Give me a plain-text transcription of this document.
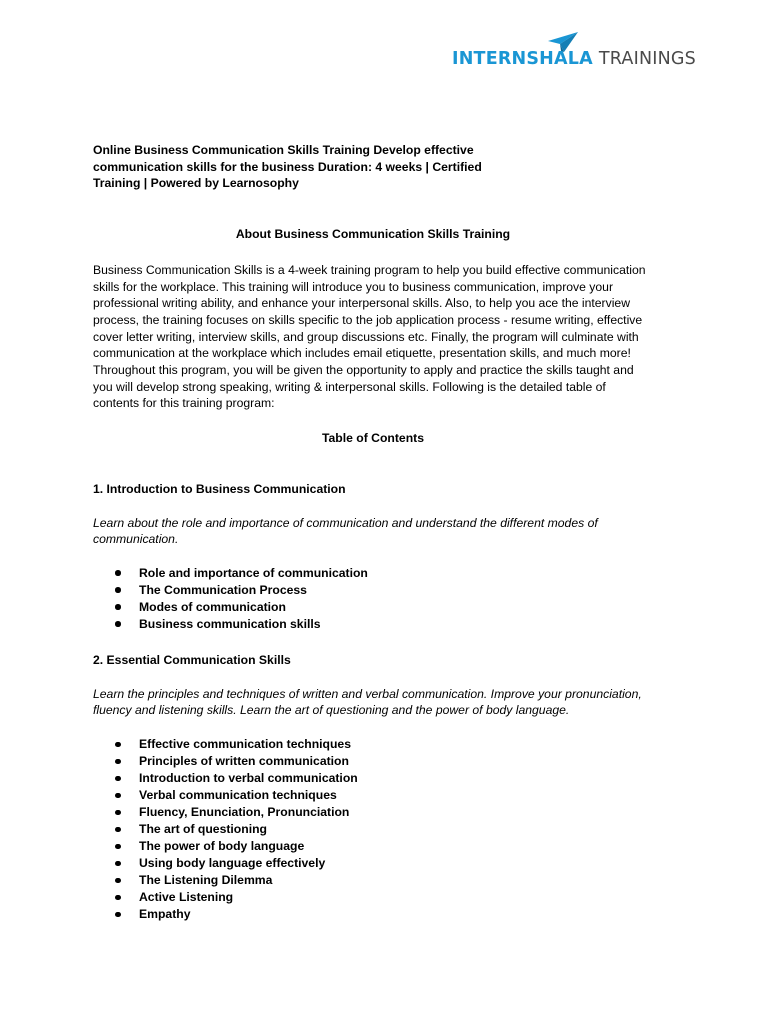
INTERNSHALA TRAININGS

Online Business Communication Skills Training Develop effective communication skills for the business Duration: 4 weeks | Certified Training | Powered by Learnosophy

About Business Communication Skills Training

Business Communication Skills is a 4-week training program to help you build effective communication skills for the workplace. This training will introduce you to business communication, improve your professional writing ability, and enhance your interpersonal skills. Also, to help you ace the interview process, the training focuses on skills specific to the job application process - resume writing, effective cover letter writing, interview skills, and group discussions etc. Finally, the program will culminate with communication at the workplace which includes email etiquette, presentation skills, and much more! Throughout this program, you will be given the opportunity to apply and practice the skills taught and you will develop strong speaking, writing & interpersonal skills. Following is the detailed table of contents for this training program:

Table of Contents

1. Introduction to Business Communication

Learn about the role and importance of communication and understand the different modes of communication.

Role and importance of communication
The Communication Process
Modes of communication
Business communication skills

2. Essential Communication Skills

Learn the principles and techniques of written and verbal communication. Improve your pronunciation, fluency and listening skills. Learn the art of questioning and the power of body language.

Effective communication techniques
Principles of written communication
Introduction to verbal communication
Verbal communication techniques
Fluency, Enunciation, Pronunciation
The art of questioning
The power of body language
Using body language effectively
The Listening Dilemma
Active Listening
Empathy
